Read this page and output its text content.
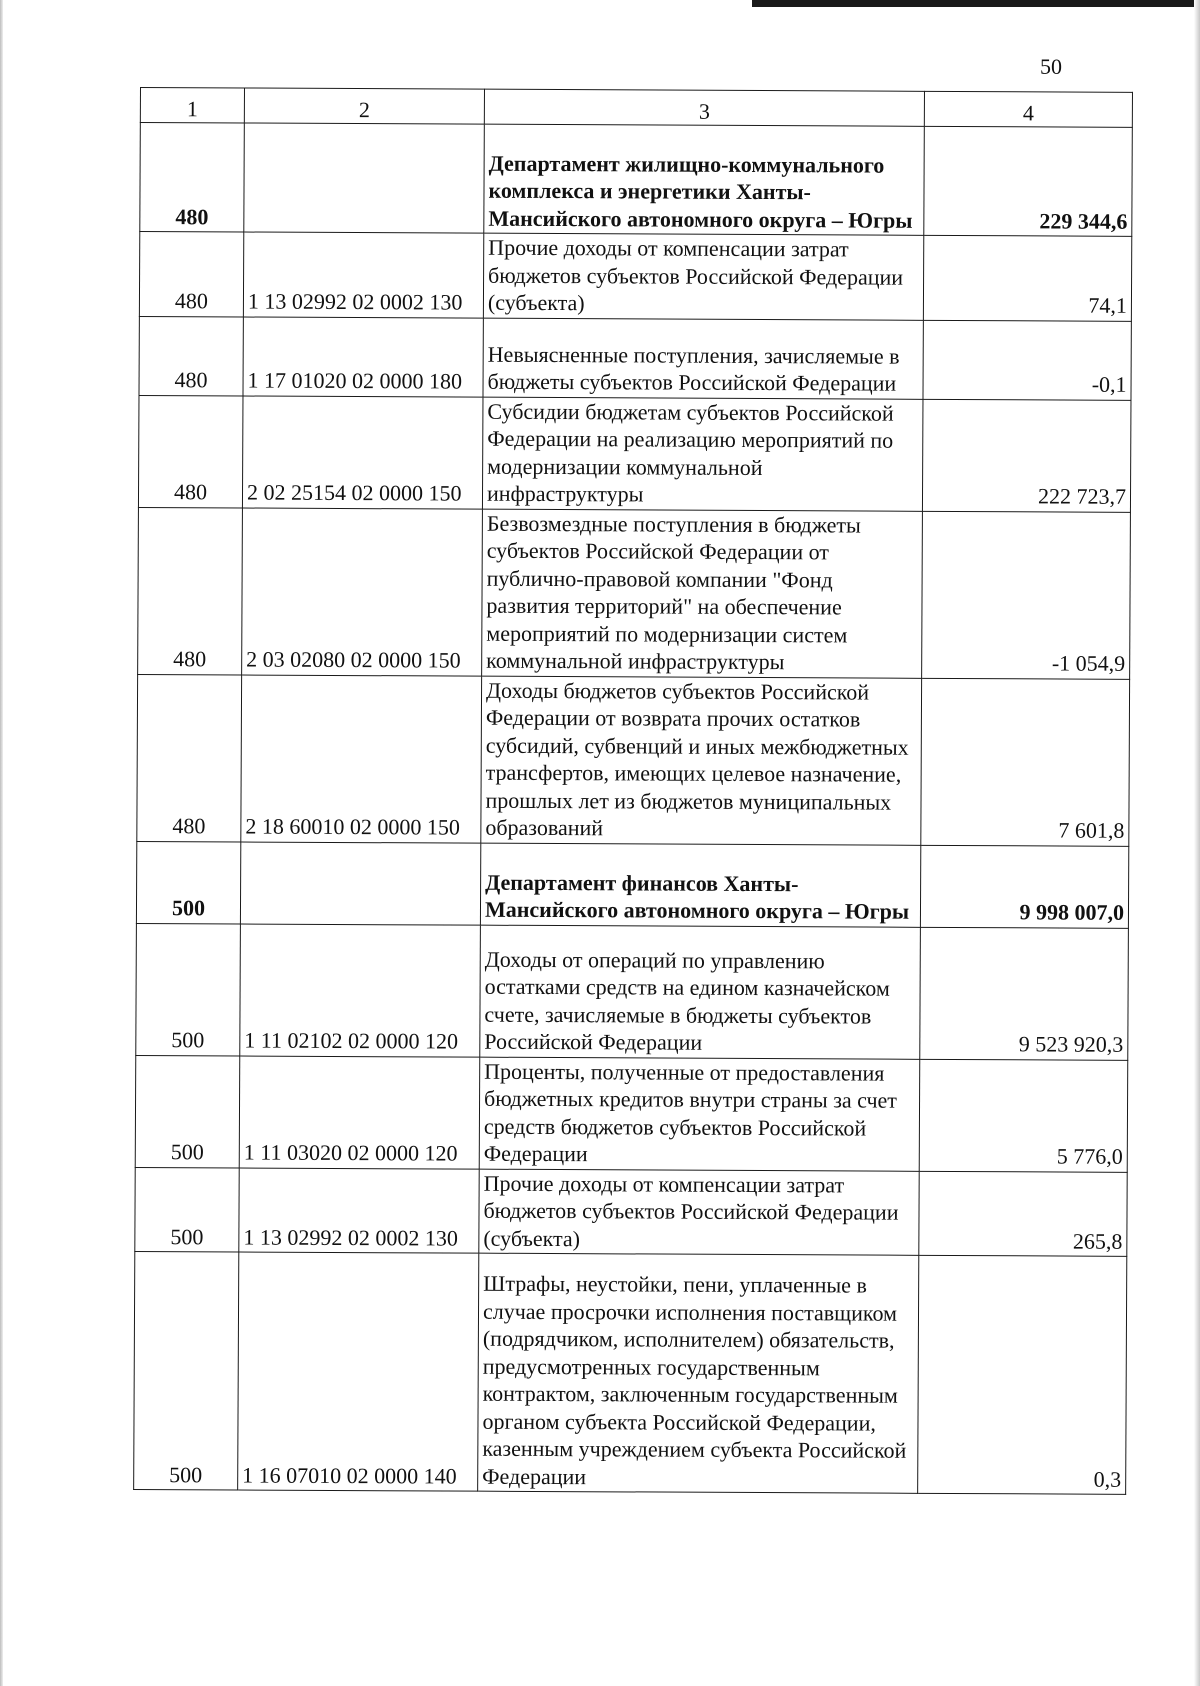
50
1	2	3	4
480		Департамент жилищно-коммунального комплекса и энергетики Ханты-Мансийского автономного округа – Югры	229 344,6
480	1 13 02992 02 0002 130	Прочие доходы от компенсации затрат бюджетов субъектов Российской Федерации (субъекта)	74,1
480	1 17 01020 02 0000 180	Невыясненные поступления, зачисляемые в бюджеты субъектов Российской Федерации	-0,1
480	2 02 25154 02 0000 150	Субсидии бюджетам субъектов Российской Федерации на реализацию мероприятий по модернизации коммунальной инфраструктуры	222 723,7
480	2 03 02080 02 0000 150	Безвозмездные поступления в бюджеты субъектов Российской Федерации от публично-правовой компании "Фонд развития территорий" на обеспечение мероприятий по модернизации систем коммунальной инфраструктуры	-1 054,9
480	2 18 60010 02 0000 150	Доходы бюджетов субъектов Российской Федерации от возврата прочих остатков субсидий, субвенций и иных межбюджетных трансфертов, имеющих целевое назначение, прошлых лет из бюджетов муниципальных образований	7 601,8
500		Департамент финансов Ханты-Мансийского автономного округа – Югры	9 998 007,0
500	1 11 02102 02 0000 120	Доходы от операций по управлению остатками средств на едином казначейском счете, зачисляемые в бюджеты субъектов Российской Федерации	9 523 920,3
500	1 11 03020 02 0000 120	Проценты, полученные от предоставления бюджетных кредитов внутри страны за счет средств бюджетов субъектов Российской Федерации	5 776,0
500	1 13 02992 02 0002 130	Прочие доходы от компенсации затрат бюджетов субъектов Российской Федерации (субъекта)	265,8
500	1 16 07010 02 0000 140	Штрафы, неустойки, пени, уплаченные в случае просрочки исполнения поставщиком (подрядчиком, исполнителем) обязательств, предусмотренных государственным контрактом, заключенным государственным органом субъекта Российской Федерации, казенным учреждением субъекта Российской Федерации	0,3
